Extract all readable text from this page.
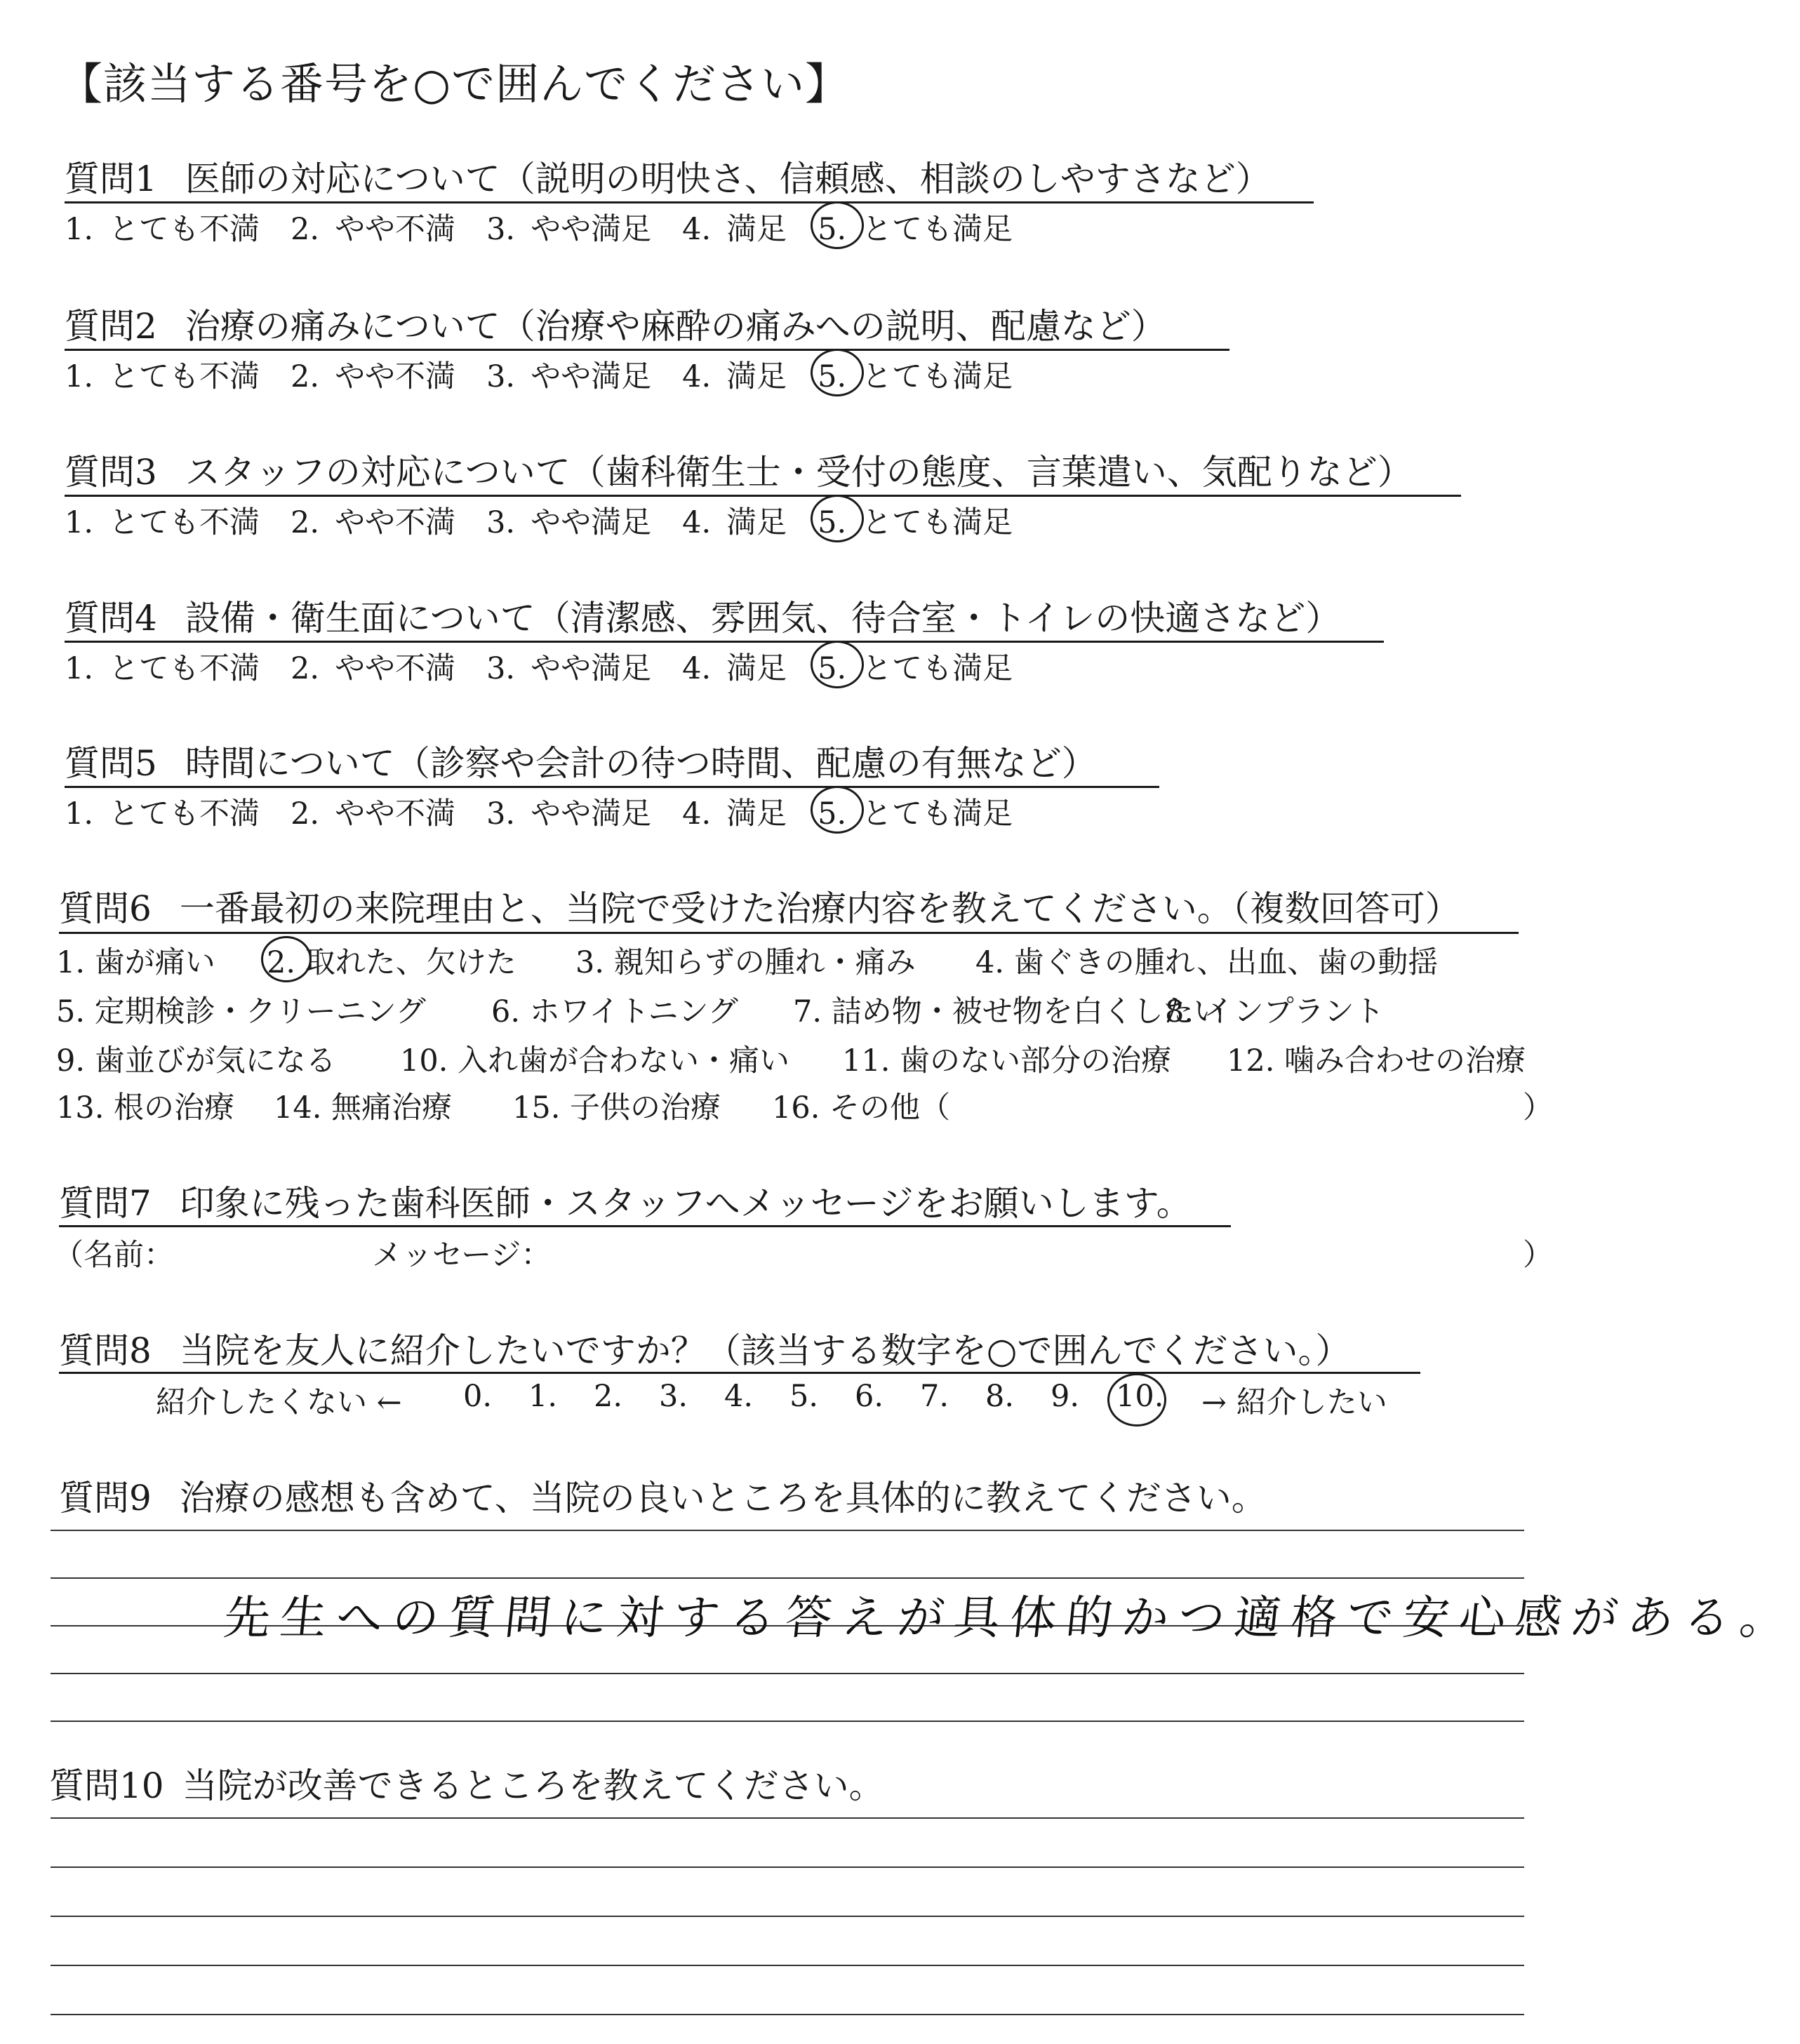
【該当する番号を○で囲んでください】
質問1 医師の対応について（説明の明快さ、信頼感、相談のしやすさなど）
1. とても不満 2. やや不満 3. やや満足 4. 満足 5. とても満足
質問2 治療の痛みについて（治療や麻酔の痛みへの説明、配慮など）
1. とても不満 2. やや不満 3. やや満足 4. 満足 5. とても満足
質問3 スタッフの対応について（歯科衛生士・受付の態度、言葉遣い、気配りなど）
1. とても不満 2. やや不満 3. やや満足 4. 満足 5. とても満足
質問4 設備・衛生面について（清潔感、雰囲気、待合室・トイレの快適さなど）
1. とても不満 2. やや不満 3. やや満足 4. 満足 5. とても満足
質問5 時間について（診察や会計の待つ時間、配慮の有無など）
1. とても不満 2. やや不満 3. やや満足 4. 満足 5. とても満足
質問6 一番最初の来院理由と、当院で受けた治療内容を教えてください。（複数回答可）
1. 歯が痛い 2. 取れた、欠けた 3. 親知らずの腫れ・痛み 4. 歯ぐきの腫れ、出血、歯の動揺
5. 定期検診・クリーニング 6. ホワイトニング 7. 詰め物・被せ物を白くしたい
8. インプラント
9. 歯並びが気になる 10. 入れ歯が合わない・痛い 11. 歯のない部分の治療 12. 噛み合わせの治療
13. 根の治療 14. 無痛治療 15. 子供の治療 16. その他（	）
質問7 印象に残った歯科医師・スタッフへメッセージをお願いします。
（名前：	メッセージ：	）
質問8 当院を友人に紹介したいですか？（該当する数字を○で囲んでください。）
紹介したくない ← 0. 1. 2. 3. 4. 5. 6. 7. 8. 9. 10. → 紹介したい
質問9 治療の感想も含めて、当院の良いところを具体的に教えてください。
先生への質問に対する答えが具体的かつ適格で安心感がある。
質問10 当院が改善できるところを教えてください。
